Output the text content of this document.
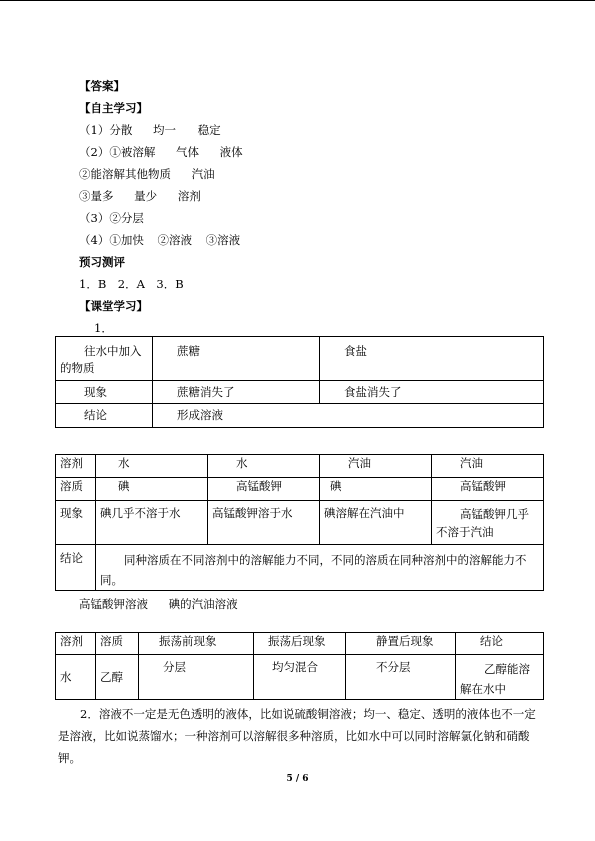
【答案】
【自主学习】
（1）分散 均一 稳定
（2）①被溶解 气体 液体
②能溶解其他物质 汽油
③量多 量少 溶剂
（3）②分层
（4）①加快 ②溶液 ③溶液
预习测评
1．B　2．A　3．B
【课堂学习】
1．
往水中加入的物质	蔗糖	食盐
现象	蔗糖消失了	食盐消失了
结论	形成溶液	
溶剂	水	水	汽油	汽油
溶质	碘	高锰酸钾	碘	高锰酸钾
现象	碘几乎不溶于水	高锰酸钾溶于水	碘溶解在汽油中	高锰酸钾几乎不溶于汽油

结论	同种溶质在不同溶剂中的溶解能力不同，不同的溶质在同种溶剂中的溶解能力不同。			
高锰酸钾溶液 碘的汽油溶液
溶剂	溶质	振荡前现象	振荡后现象	静置后现象	结论
水	乙醇	分层	均匀混合	不分层	乙醇能溶解在水中
2．溶液不一定是无色透明的液体，比如说硫酸铜溶液；均一、稳定、透明的液体也不一定是溶液，比如说蒸馏水；一种溶剂可以溶解很多种溶质，比如水中可以同时溶解氯化钠和硝酸钾。
5 / 6
